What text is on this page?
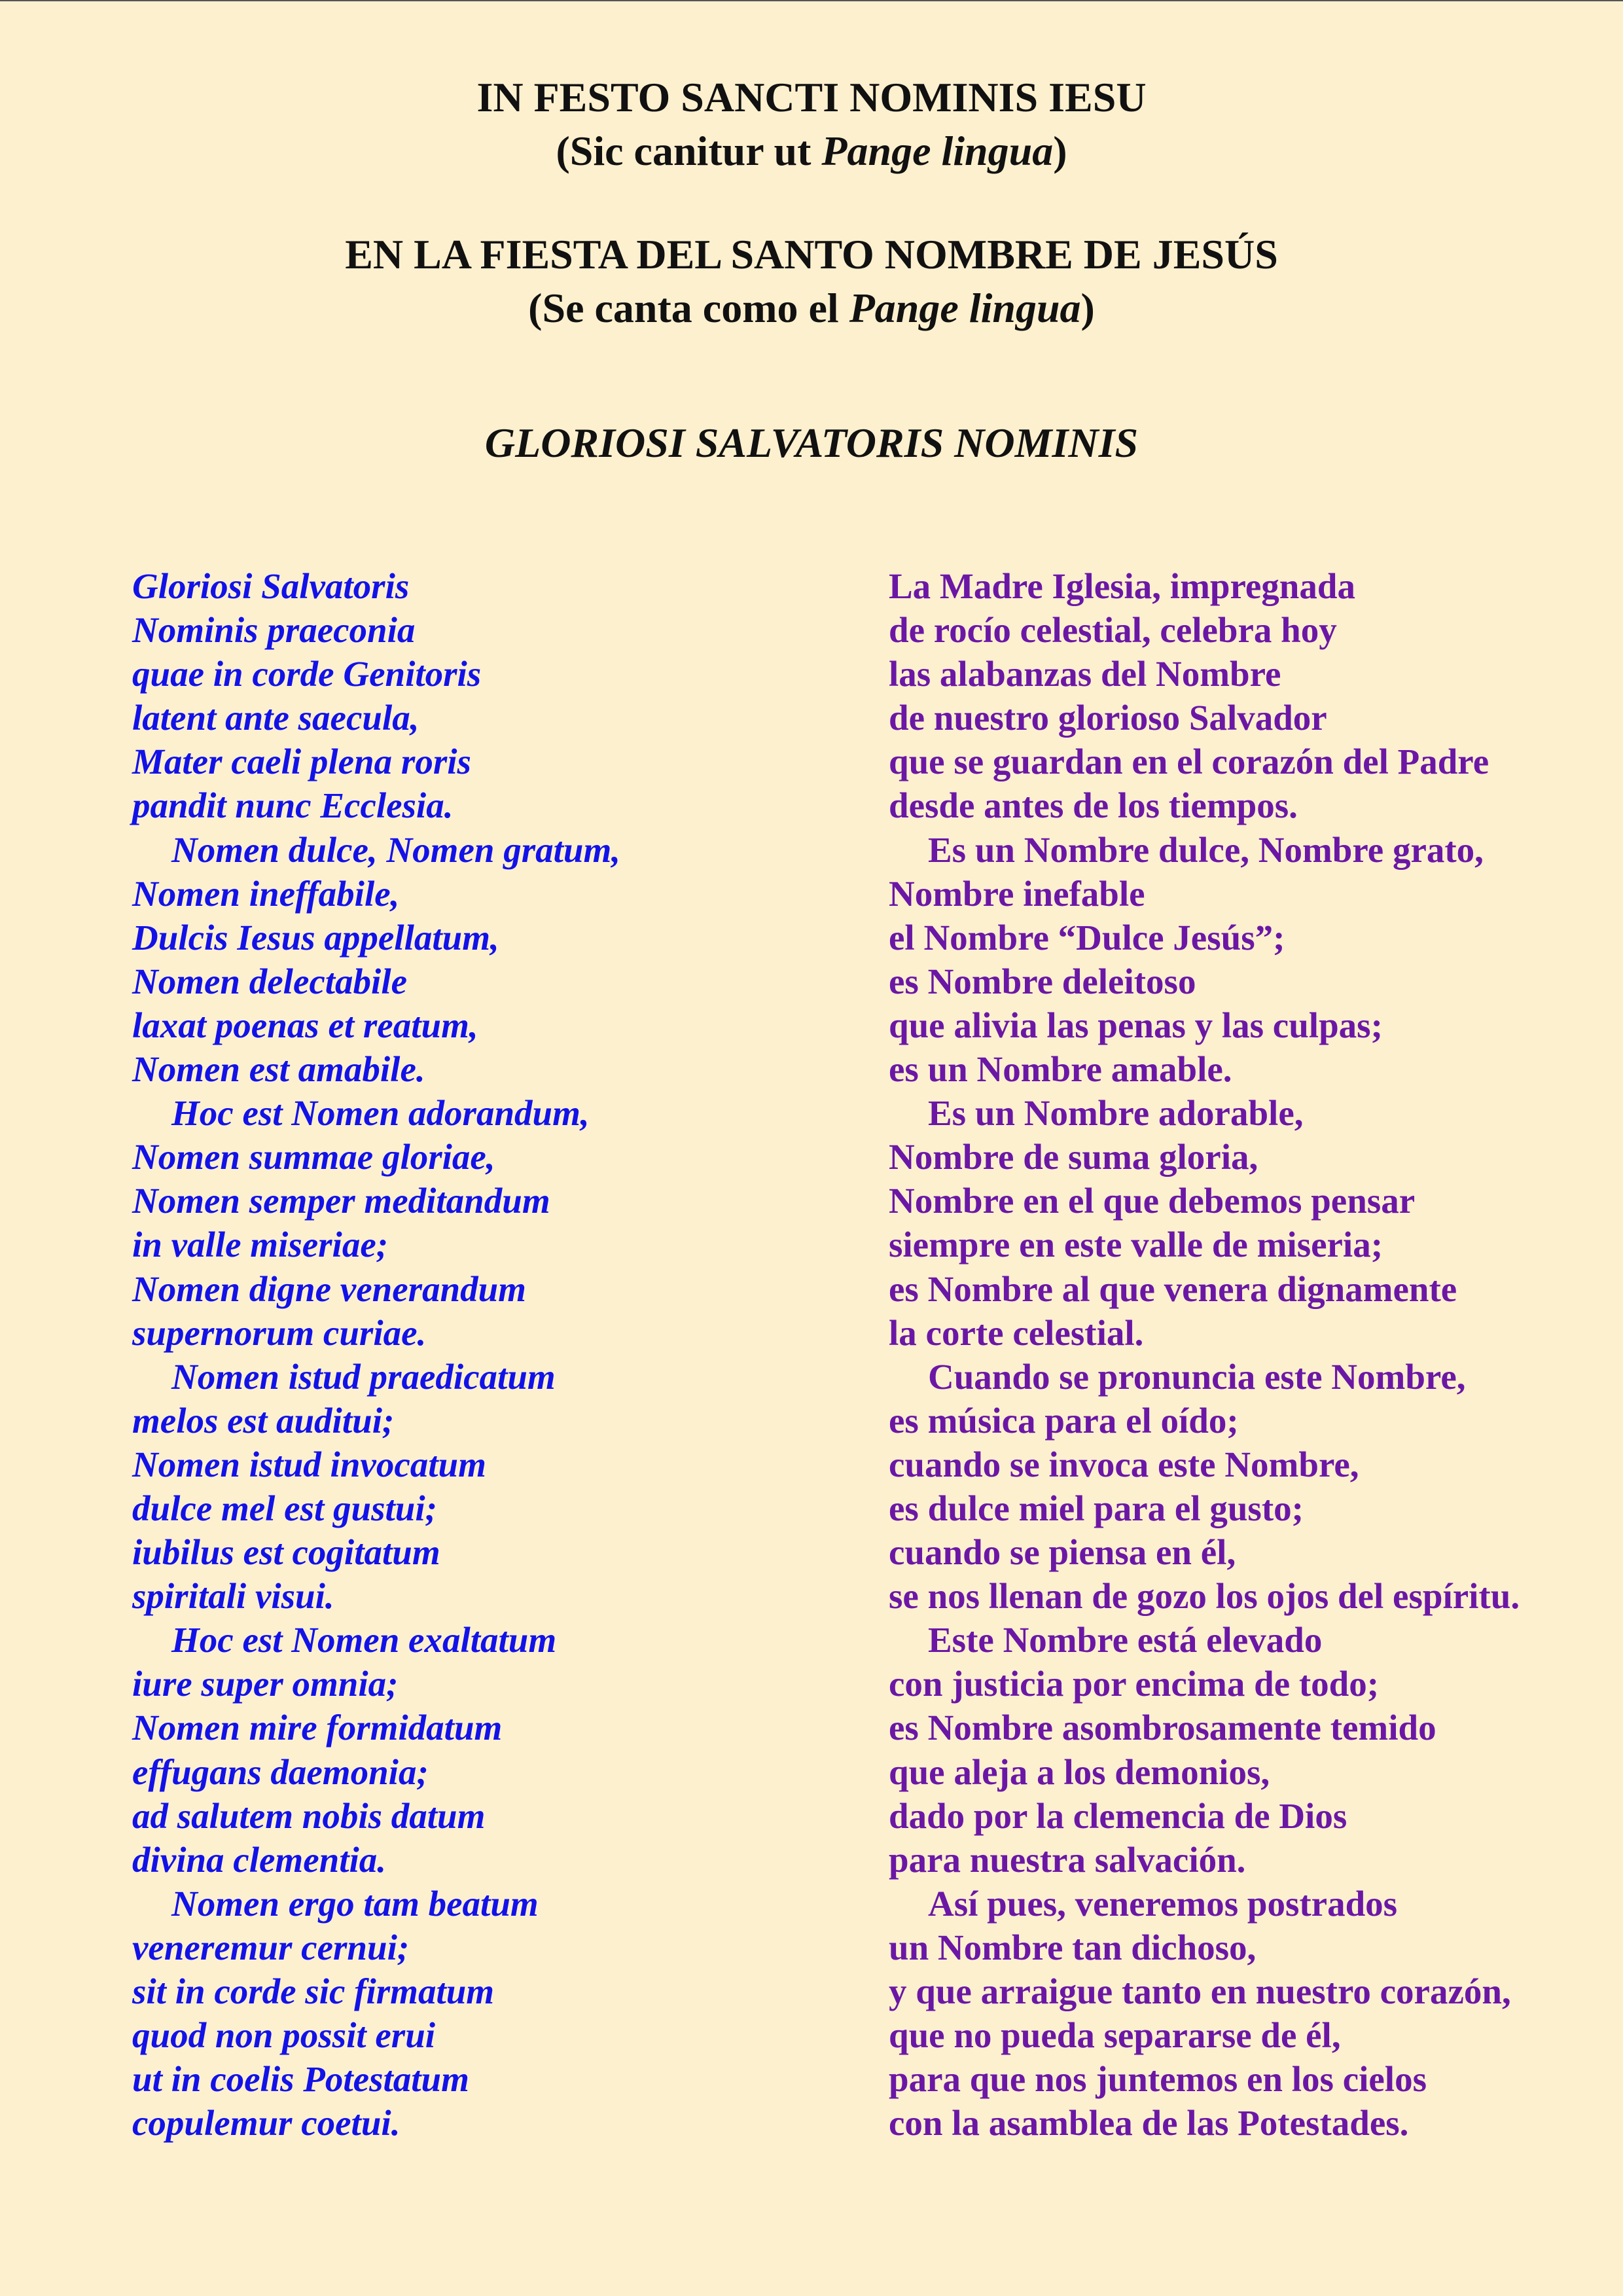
IN FESTO SANCTI NOMINIS IESU

(Sic canitur ut Pange lingua)

EN LA FIESTA DEL SANTO NOMBRE DE JESÚS

(Se canta como el Pange lingua)

GLORIOSI SALVATORIS NOMINIS
Gloriosi Salvatoris
Nominis praeconia
quae in corde Genitoris
latent ante saecula,
Mater caeli plena roris
pandit nunc Ecclesia.
Nomen dulce, Nomen gratum,
Nomen ineffabile,
Dulcis Iesus appellatum,
Nomen delectabile
laxat poenas et reatum,
Nomen est amabile.
Hoc est Nomen adorandum,
Nomen summae gloriae,
Nomen semper meditandum
in valle miseriae;
Nomen digne venerandum
supernorum curiae.
Nomen istud praedicatum
melos est auditui;
Nomen istud invocatum
dulce mel est gustui;
iubilus est cogitatum
spiritali visui.
Hoc est Nomen exaltatum
iure super omnia;
Nomen mire formidatum
effugans daemonia;
ad salutem nobis datum
divina clementia.
Nomen ergo tam beatum
veneremur cernui;
sit in corde sic firmatum
quod non possit erui
ut in coelis Potestatum
copulemur coetui.
La Madre Iglesia, impregnada
de rocío celestial, celebra hoy
las alabanzas del Nombre
de nuestro glorioso Salvador
que se guardan en el corazón del Padre
desde antes de los tiempos.
Es un Nombre dulce, Nombre grato,
Nombre inefable
el Nombre “Dulce Jesús”;
es Nombre deleitoso
que alivia las penas y las culpas;
es un Nombre amable.
Es un Nombre adorable,
Nombre de suma gloria,
Nombre en el que debemos pensar
siempre en este valle de miseria;
es Nombre al que venera dignamente
la corte celestial.
Cuando se pronuncia este Nombre,
es música para el oído;
cuando se invoca este Nombre,
es dulce miel para el gusto;
cuando se piensa en él,
se nos llenan de gozo los ojos del espíritu.
Este Nombre está elevado
con justicia por encima de todo;
es Nombre asombrosamente temido
que aleja a los demonios,
dado por la clemencia de Dios
para nuestra salvación.
Así pues, veneremos postrados
un Nombre tan dichoso,
y que arraigue tanto en nuestro corazón,
que no pueda separarse de él,
para que nos juntemos en los cielos
con la asamblea de las Potestades.
